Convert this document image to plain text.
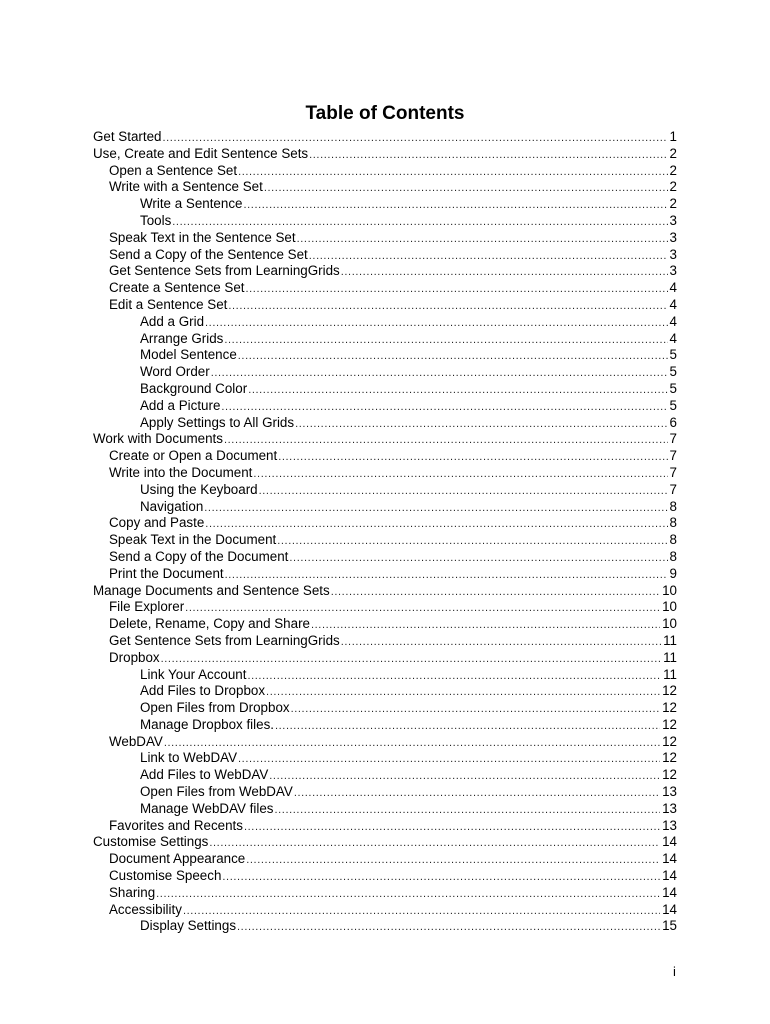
Table of Contents
Get Started .....	1
Use, Create and Edit Sentence Sets .....	2
Open a Sentence Set .....	2
Write with a Sentence Set .....	2
Write a Sentence .....	2
Tools .....	3
Speak Text in the Sentence Set .....	3
Send a Copy of the Sentence Set .....	3
Get Sentence Sets from LearningGrids .....	3
Create a Sentence Set .....	4
Edit a Sentence Set .....	4
Add a Grid .....	4
Arrange Grids .....	4
Model Sentence .....	5
Word Order .....	5
Background Color .....	5
Add a Picture .....	5
Apply Settings to All Grids .....	6
Work with Documents .....	7
Create or Open a Document .....	7
Write into the Document .....	7
Using the Keyboard .....	7
Navigation .....	8
Copy and Paste .....	8
Speak Text in the Document .....	8
Send a Copy of the Document .....	8
Print the Document .....	9
Manage Documents and Sentence Sets .....	10
File Explorer .....	10
Delete, Rename, Copy and Share .....	10
Get Sentence Sets from LearningGrids .....	11
Dropbox .....	11
Link Your Account .....	11
Add Files to Dropbox .....	12
Open Files from Dropbox .....	12
Manage Dropbox files. .....	12
WebDAV .....	12
Link to WebDAV .....	12
Add Files to WebDAV .....	12
Open Files from WebDAV .....	13
Manage WebDAV files .....	13
Favorites and Recents .....	13
Customise Settings .....	14
Document Appearance .....	14
Customise Speech .....	14
Sharing .....	14
Accessibility .....	14
Display Settings .....	15
i
